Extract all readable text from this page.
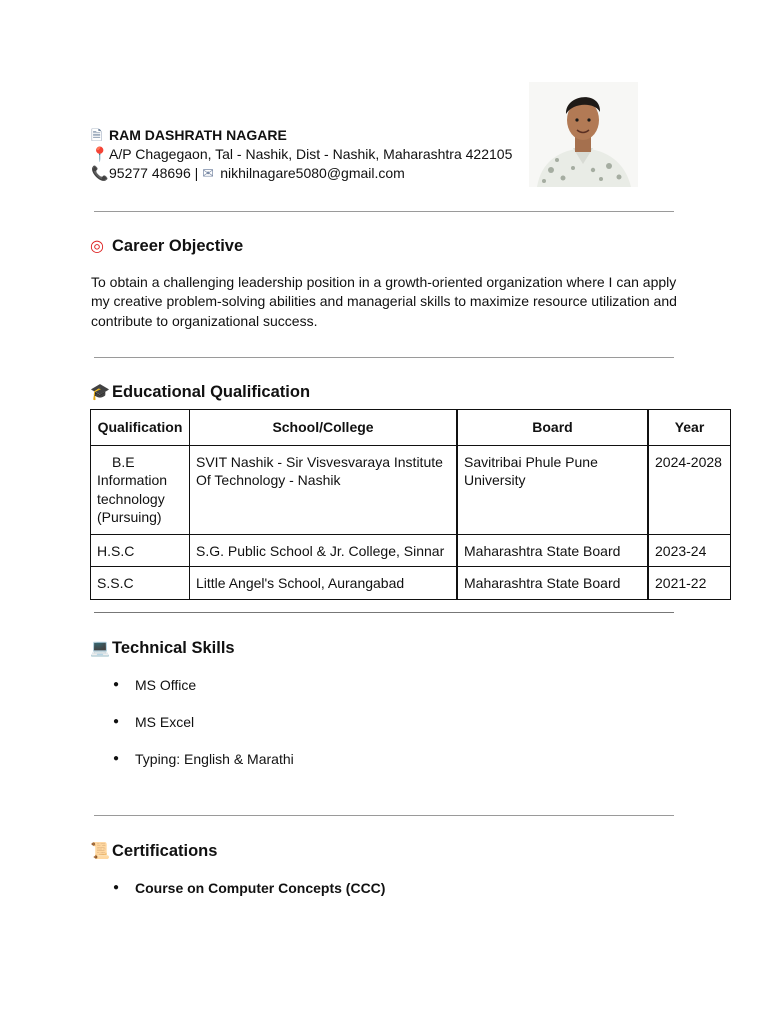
🗎 RAM DASHRATH NAGARE
📍A/P Chagegaon, Tal - Nashik, Dist - Nashik, Maharashtra 422105
📞95277 48696 | ✉ nikhilnagare5080@gmail.com
◎ Career Objective
To obtain a challenging leadership position in a growth-oriented organization where I can apply my creative problem-solving abilities and managerial skills to maximize resource utilization and contribute to organizational success.
🎓 Educational Qualification
Qualification	School/College	Board	Year
B.E Information technology (Pursuing)	SVIT Nashik - Sir Visvesvaraya Institute Of Technology - Nashik	Savitribai Phule Pune University	2024-2028
H.S.C	S.G. Public School & Jr. College, Sinnar	Maharashtra State Board	2023-24
S.S.C	Little Angel's School, Aurangabad	Maharashtra State Board	2021-22
💻 Technical Skills
● MS Office
● MS Excel
● Typing: English & Marathi
📜 Certifications
● Course on Computer Concepts (CCC)
